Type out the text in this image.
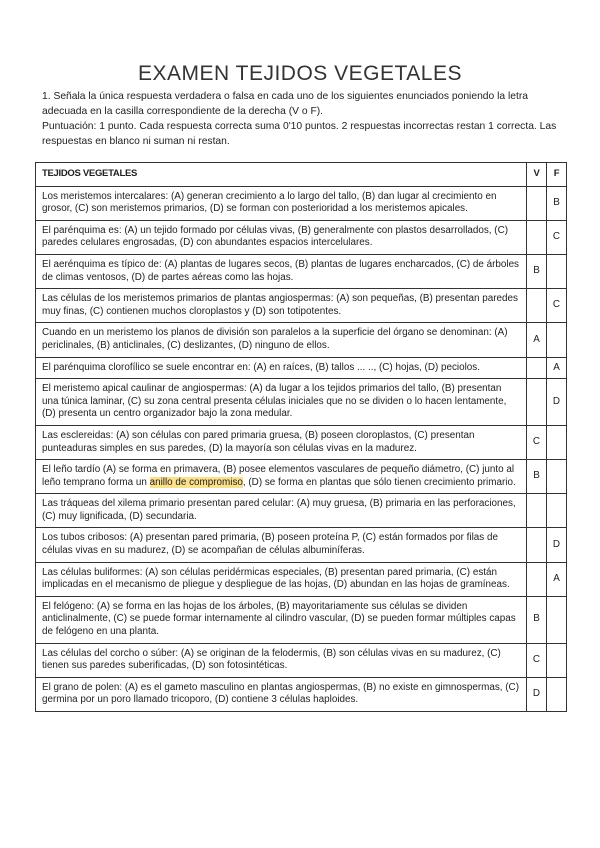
EXAMEN TEJIDOS VEGETALES
1. Señala la única respuesta verdadera o falsa en cada uno de los siguientes enunciados poniendo la letra adecuada en la casilla correspondiente de la derecha (V o F).
Puntuación: 1 punto. Cada respuesta correcta suma 0'10 puntos. 2 respuestas incorrectas restan 1 correcta. Las respuestas en blanco ni suman ni restan.
TEJIDOS VEGETALES	V	F
Los meristemos intercalares: (A) generan crecimiento a lo largo del tallo, (B) dan lugar al crecimiento en grosor, (C) son meristemos primarios, (D) se forman con posterioridad a los meristemos apicales.		B
El parénquima es: (A) un tejido formado por células vivas, (B) generalmente con plastos desarrollados, (C) paredes celulares engrosadas, (D) con abundantes espacios intercelulares.		C
El aerénquima es típico de: (A) plantas de lugares secos, (B) plantas de lugares encharcados, (C) de árboles de climas ventosos, (D) de partes aéreas como las hojas.	B	
Las células de los meristemos primarios de plantas angiospermas: (A) son pequeñas, (B) presentan paredes muy finas, (C) contienen muchos cloroplastos y (D) son totipotentes.		C
Cuando en un meristemo los planos de división son paralelos a la superficie del órgano se denominan: (A) periclinales, (B) anticlinales, (C) deslizantes, (D) ninguno de ellos.	A	
El parénquima clorofílico se suele encontrar en: (A) en raíces, (B) tallos ... .., (C) hojas, (D) peciolos.		A
El meristemo apical caulinar de angiospermas: (A) da lugar a los tejidos primarios del tallo, (B) presentan una túnica laminar, (C) su zona central presenta células iniciales que no se dividen o lo hacen lentamente, (D) presenta un centro organizador bajo la zona medular.		D
Las esclereidas: (A) son células con pared primaria gruesa, (B) poseen cloroplastos, (C) presentan punteaduras simples en sus paredes, (D) la mayoría son células vivas en la madurez.	C	
El leño tardío (A) se forma en primavera, (B) posee elementos vasculares de pequeño diámetro, (C) junto al leño temprano forma un anillo de compromiso, (D) se forma en plantas que sólo tienen crecimiento primario.	B	
Las tráqueas del xilema primario presentan pared celular: (A) muy gruesa, (B) primaria en las perforaciones, (C) muy lignificada, (D) secundaria.		
Los tubos cribosos: (A) presentan pared primaria, (B) poseen proteína P, (C) están formados por filas de células vivas en su madurez, (D) se acompañan de células albuminíferas.		D
Las células buliformes: (A) son células peridérmicas especiales, (B) presentan pared primaria, (C) están implicadas en el mecanismo de pliegue y despliegue de las hojas, (D) abundan en las hojas de gramíneas.		A
El felógeno: (A) se forma en las hojas de los árboles, (B) mayoritariamente sus células se dividen anticlinalmente, (C) se puede formar internamente al cilindro vascular, (D) se pueden formar múltiples capas de felógeno en una planta.	B	
Las células del corcho o súber: (A) se originan de la felodermis, (B) son células vivas en su madurez, (C) tienen sus paredes suberificadas, (D) son fotosintéticas.	C	
El grano de polen: (A) es el gameto masculino en plantas angiospermas, (B) no existe en gimnospermas, (C) germina por un poro llamado tricoporo, (D) contiene 3 células haploides.	D	
